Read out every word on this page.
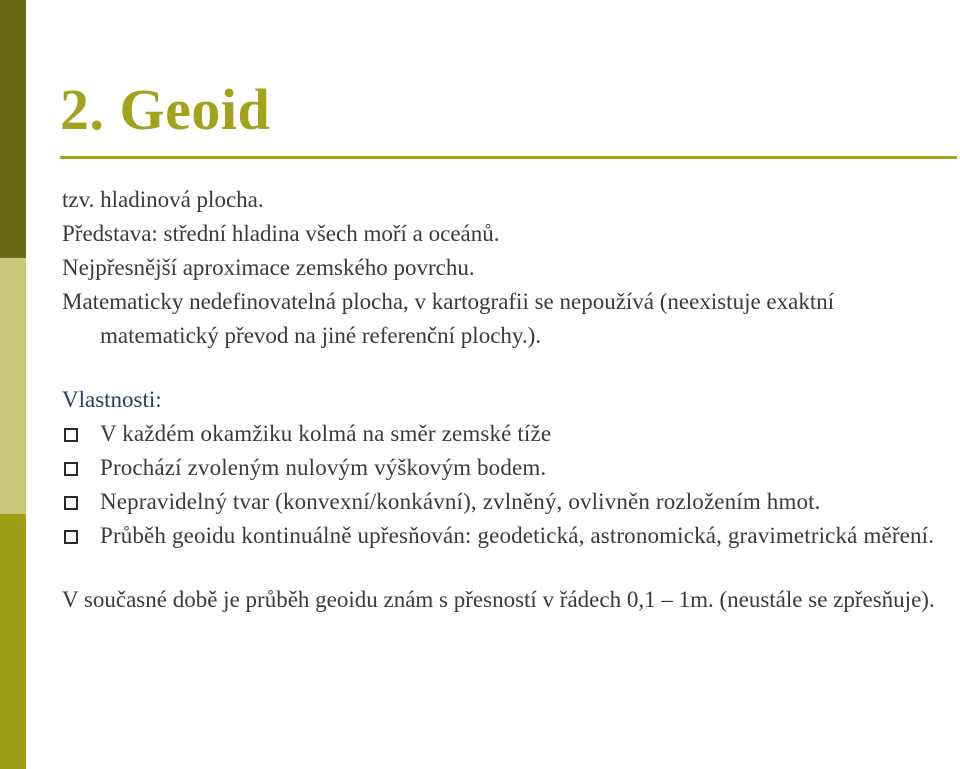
2. Geoid

tzv. hladinová plocha.

Představa: střední hladina všech moří a oceánů.

Nejpřesnější aproximace zemského povrchu.

Matematicky nedefinovatelná plocha, v kartografii se nepoužívá (neexistuje exaktní matematický převod na jiné referenční plochy.).

Vlastnosti:

V každém okamžiku kolmá na směr zemské tíže
Prochází zvoleným nulovým výškovým bodem.
Nepravidelný tvar (konvexní/konkávní), zvlněný, ovlivněn rozložením hmot.
Průběh geoidu kontinuálně upřesňován: geodetická, astronomická, gravimetrická měření.

V současné době je průběh geoidu znám s přesností v řádech 0,1 – 1m. (neustále se zpřesňuje).
